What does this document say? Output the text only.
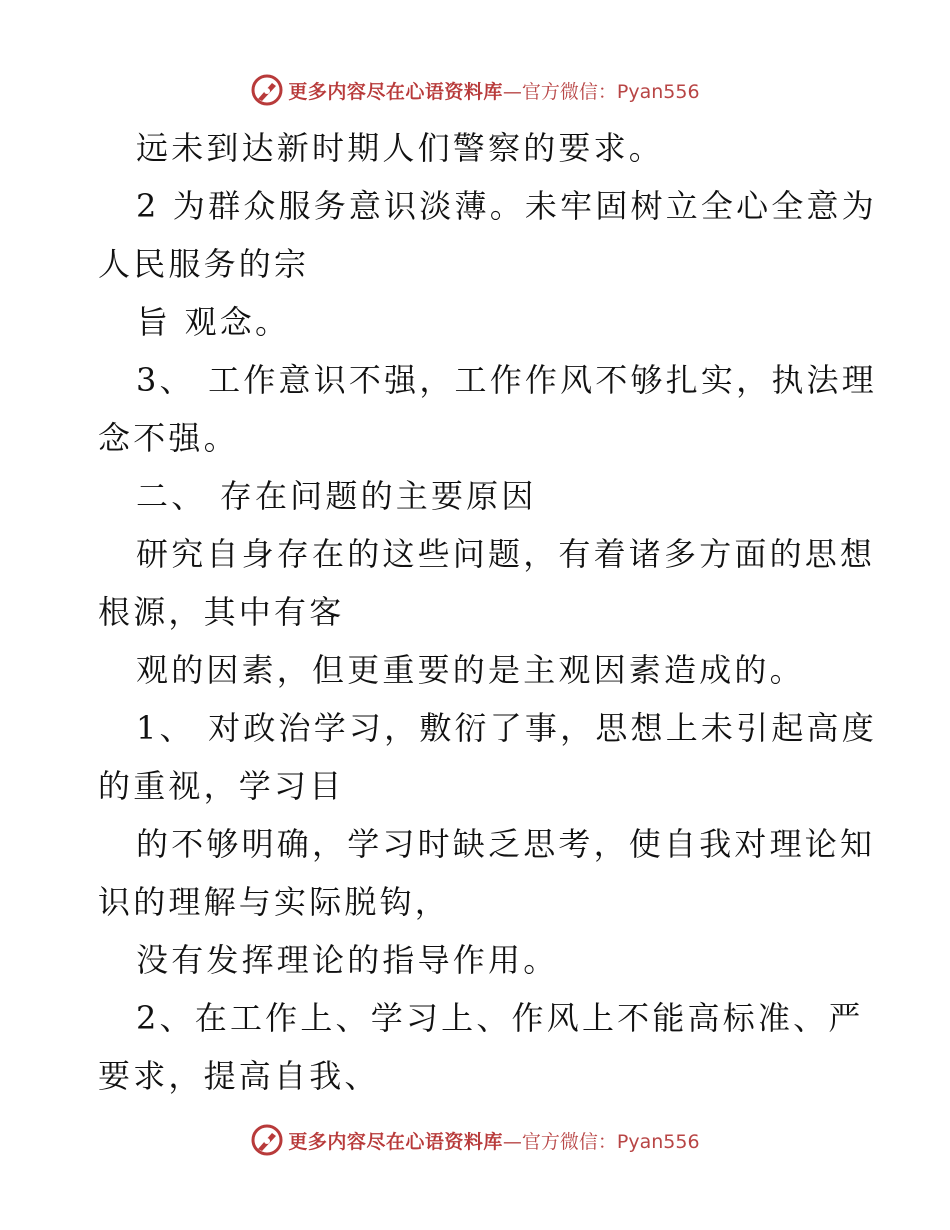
更多内容尽在心语资料库 —官方微信：Pyan556
远未到达新时期人们警察的要求。
2 为群众服务意识淡薄。未牢固树立全心全意为
人民服务的宗
旨 观念。
3、 工作意识不强，工作作风不够扎实，执法理
念不强。
二、 存在问题的主要原因
研究自身存在的这些问题，有着诸多方面的思想
根源，其中有客
观的因素，但更重要的是主观因素造成的。
1、 对政治学习，敷衍了事，思想上未引起高度
的重视，学习目
的不够明确，学习时缺乏思考，使自我对理论知
识的理解与实际脱钩，
没有发挥理论的指导作用。
2、在工作上、学习上、作风上不能高标准、严
要求，提高自我、
更多内容尽在心语资料库 —官方微信：Pyan556
